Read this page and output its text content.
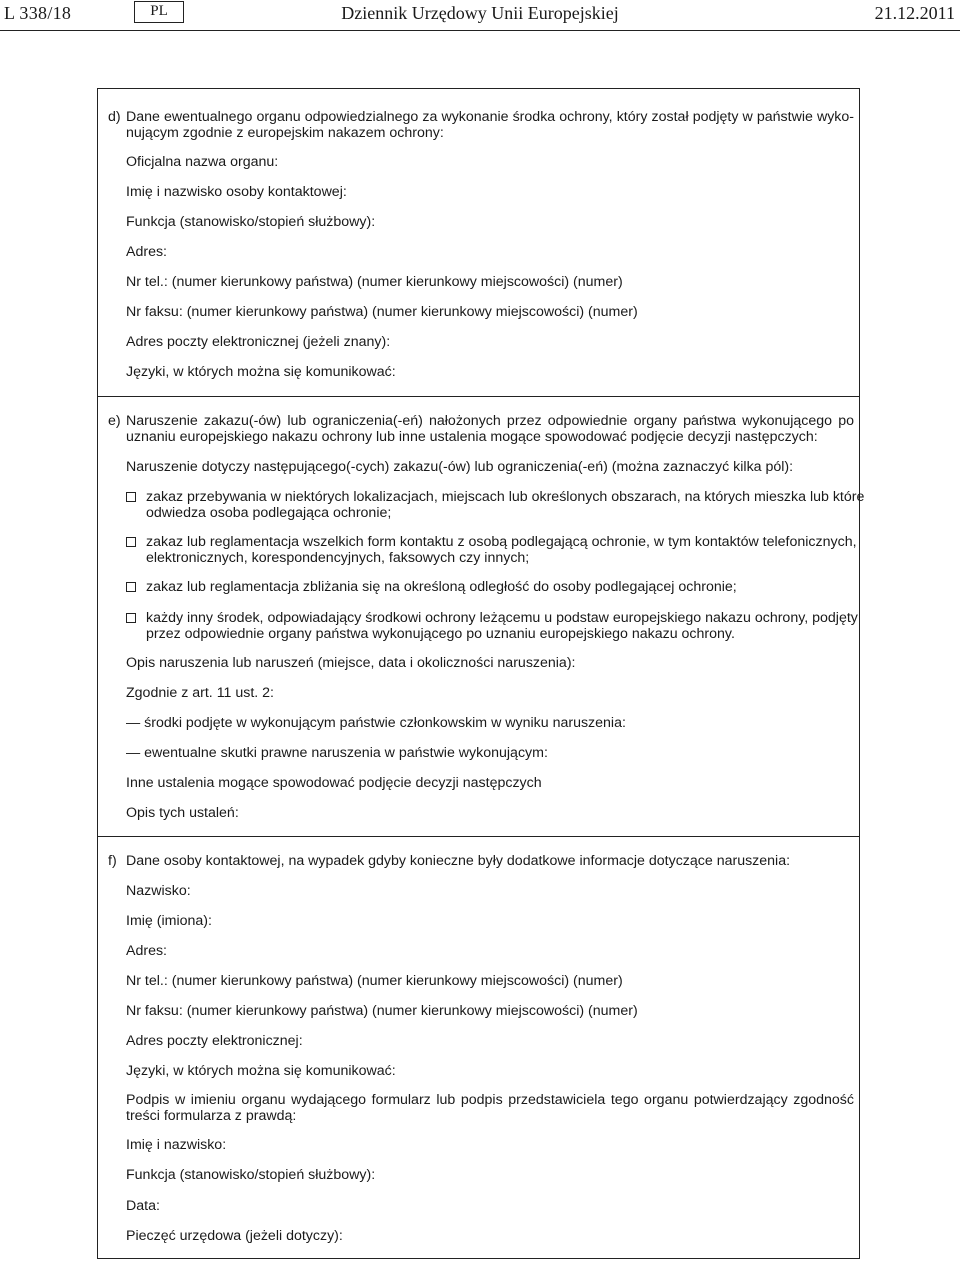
L 338/18	PL	Dziennik Urzędowy Unii Europejskiej	21.12.2011
d) Dane ewentualnego organu odpowiedzialnego za wykonanie środka ochrony, który został podjęty w państwie wyko-
nującym zgodnie z europejskim nakazem ochrony:
Oficjalna nazwa organu:
Imię i nazwisko osoby kontaktowej:
Funkcja (stanowisko/stopień służbowy):
Adres:
Nr tel.: (numer kierunkowy państwa) (numer kierunkowy miejscowości) (numer)
Nr faksu: (numer kierunkowy państwa) (numer kierunkowy miejscowości) (numer)
Adres poczty elektronicznej (jeżeli znany):
Języki, w których można się komunikować:
e) Naruszenie zakazu(-ów) lub ograniczenia(-eń) nałożonych przez odpowiednie organy państwa wykonującego po
uznaniu europejskiego nakazu ochrony lub inne ustalenia mogące spowodować podjęcie decyzji następczych:
Naruszenie dotyczy następującego(-cych) zakazu(-ów) lub ograniczenia(-eń) (można zaznaczyć kilka pól):
zakaz przebywania w niektórych lokalizacjach, miejscach lub określonych obszarach, na których mieszka lub które
odwiedza osoba podlegająca ochronie;
zakaz lub reglamentacja wszelkich form kontaktu z osobą podlegającą ochronie, w tym kontaktów telefonicznych,
elektronicznych, korespondencyjnych, faksowych czy innych;
zakaz lub reglamentacja zbliżania się na określoną odległość do osoby podlegającej ochronie;
każdy inny środek, odpowiadający środkowi ochrony leżącemu u podstaw europejskiego nakazu ochrony, podjęty
przez odpowiednie organy państwa wykonującego po uznaniu europejskiego nakazu ochrony.
Opis naruszenia lub naruszeń (miejsce, data i okoliczności naruszenia):
Zgodnie z art. 11 ust. 2:
— środki podjęte w wykonującym państwie członkowskim w wyniku naruszenia:
— ewentualne skutki prawne naruszenia w państwie wykonującym:
Inne ustalenia mogące spowodować podjęcie decyzji następczych
Opis tych ustaleń:
f) Dane osoby kontaktowej, na wypadek gdyby konieczne były dodatkowe informacje dotyczące naruszenia:
Nazwisko:
Imię (imiona):
Adres:
Nr tel.: (numer kierunkowy państwa) (numer kierunkowy miejscowości) (numer)
Nr faksu: (numer kierunkowy państwa) (numer kierunkowy miejscowości) (numer)
Adres poczty elektronicznej:
Języki, w których można się komunikować:
Podpis w imieniu organu wydającego formularz lub podpis przedstawiciela tego organu potwierdzający zgodność
treści formularza z prawdą:
Imię i nazwisko:
Funkcja (stanowisko/stopień służbowy):
Data:
Pieczęć urzędowa (jeżeli dotyczy):
